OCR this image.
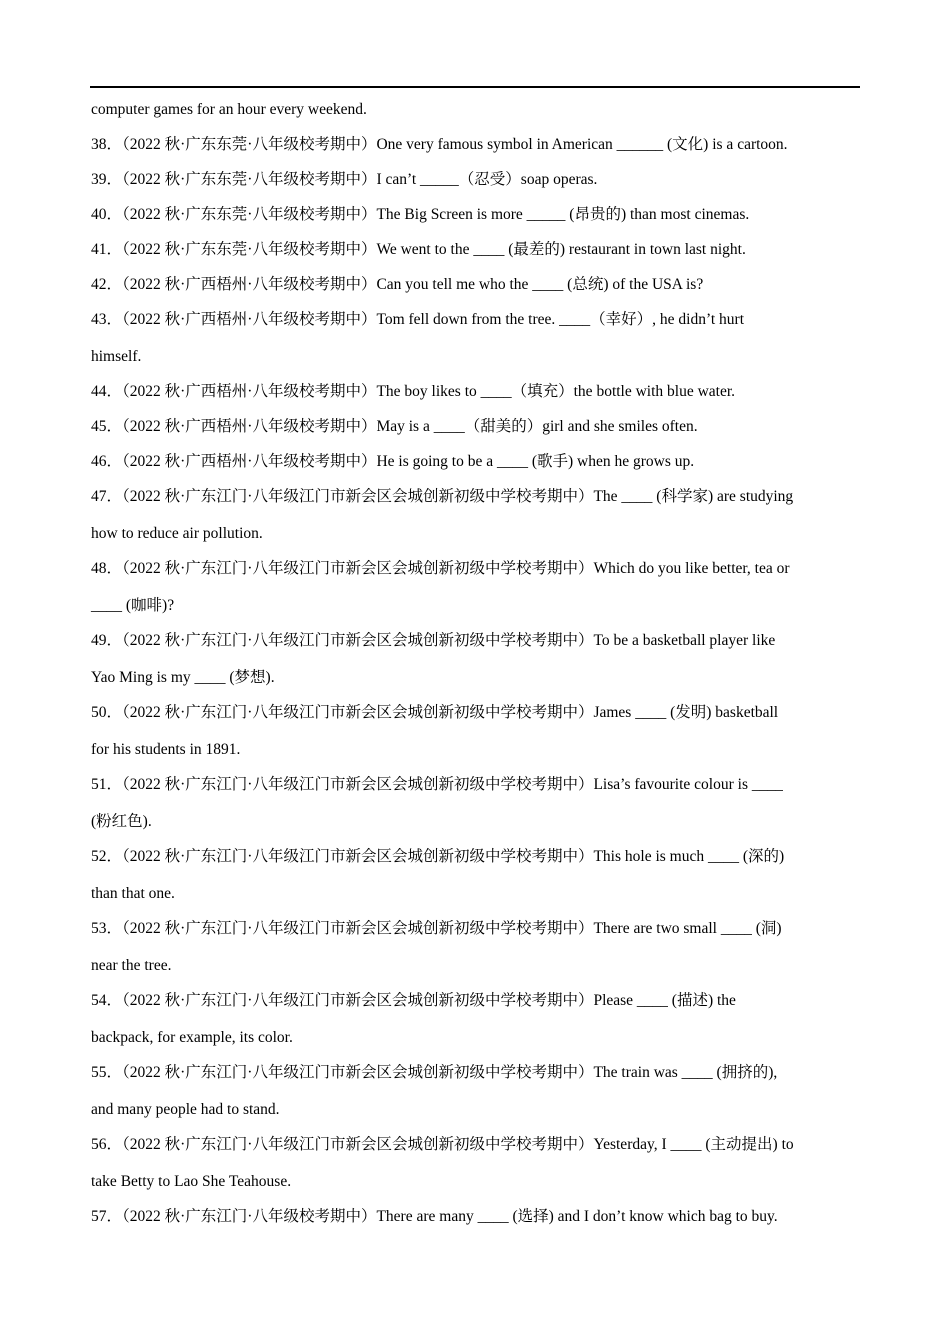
computer games for an hour every weekend.
38．（2022 秋·广东东莞·八年级校考期中）One very famous symbol in American ______ (文化) is a cartoon.
39．（2022 秋·广东东莞·八年级校考期中）I can’t _____（忍受）soap operas.
40．（2022 秋·广东东莞·八年级校考期中）The Big Screen is more _____ (昂贵的) than most cinemas.
41．（2022 秋·广东东莞·八年级校考期中）We went to the ____ (最差的) restaurant in town last night.
42．（2022 秋·广西梧州·八年级校考期中）Can you tell me who the ____ (总统) of the USA is?
43．（2022 秋·广西梧州·八年级校考期中）Tom fell down from the tree. ____（幸好）, he didn’t hurt
himself.
44．（2022 秋·广西梧州·八年级校考期中）The boy likes to ____（填充）the bottle with blue water.
45．（2022 秋·广西梧州·八年级校考期中）May is a ____（甜美的）girl and she smiles often.
46．（2022 秋·广西梧州·八年级校考期中）He is going to be a ____ (歌手) when he grows up.
47．（2022 秋·广东江门·八年级江门市新会区会城创新初级中学校考期中）The ____ (科学家) are studying
how to reduce air pollution.
48．（2022 秋·广东江门·八年级江门市新会区会城创新初级中学校考期中）Which do you like better, tea or
____ (咖啡)?
49．（2022 秋·广东江门·八年级江门市新会区会城创新初级中学校考期中）To be a basketball player like
Yao Ming is my ____ (梦想).
50．（2022 秋·广东江门·八年级江门市新会区会城创新初级中学校考期中）James ____ (发明) basketball
for his students in 1891.
51．（2022 秋·广东江门·八年级江门市新会区会城创新初级中学校考期中）Lisa’s favourite colour is ____
(粉红色).
52．（2022 秋·广东江门·八年级江门市新会区会城创新初级中学校考期中）This hole is much ____ (深的)
than that one.
53．（2022 秋·广东江门·八年级江门市新会区会城创新初级中学校考期中）There are two small ____ (洞)
near the tree.
54．（2022 秋·广东江门·八年级江门市新会区会城创新初级中学校考期中）Please ____ (描述) the
backpack, for example, its color.
55．（2022 秋·广东江门·八年级江门市新会区会城创新初级中学校考期中）The train was ____ (拥挤的),
and many people had to stand.
56．（2022 秋·广东江门·八年级江门市新会区会城创新初级中学校考期中）Yesterday, I ____ (主动提出) to
take Betty to Lao She Teahouse.
57．（2022 秋·广东江门·八年级校考期中）There are many ____ (选择) and I don’t know which bag to buy.
